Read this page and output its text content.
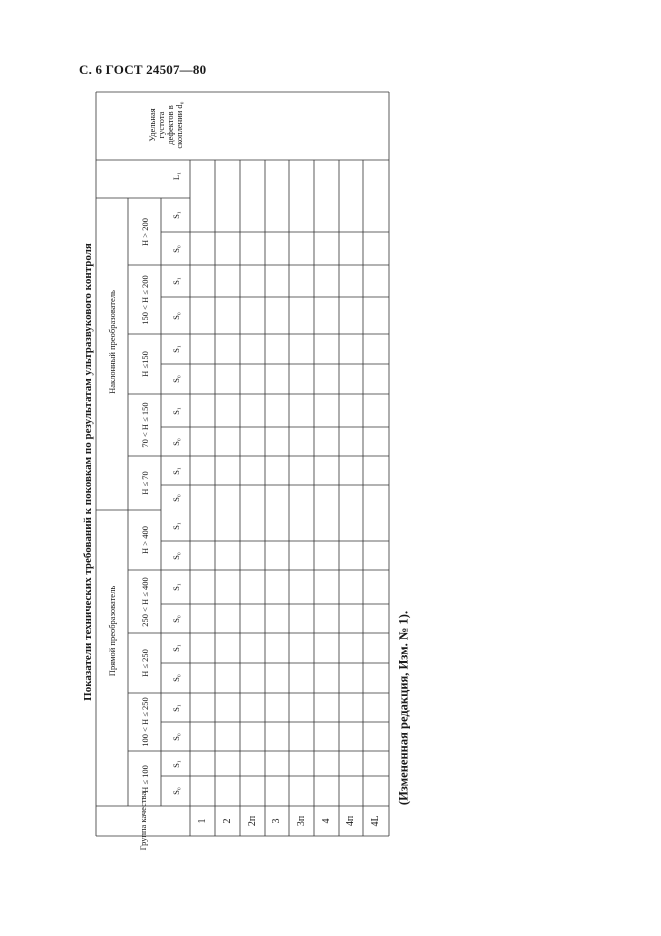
С. 6 ГОСТ 24507—80
Показатели технических требований к поковкам по результатам ультразвукового контроля
(Измененная редакция, Изм. № 1).
Группа качества
Прямой преобразователь
Наклонный преобразователь
L₁
Удельная густота дефектов в скоплении d₀
H ≤ 100
100 < H ≤ 250
H ≤ 250
250 < H ≤ 400
H > 400
H ≤ 70
70 < H ≤ 150
H ≤150
150 < H ≤ 200
H > 200
S₀
S₁
S₀
S₁
S₀
S₁
S₀
S₁
S₀
S₁
S₀
S₁
S₀
S₁
S₀
S₁
S₀
S₁
S₀
S₁
1 2 2п 3 3п 4 4п 4L
